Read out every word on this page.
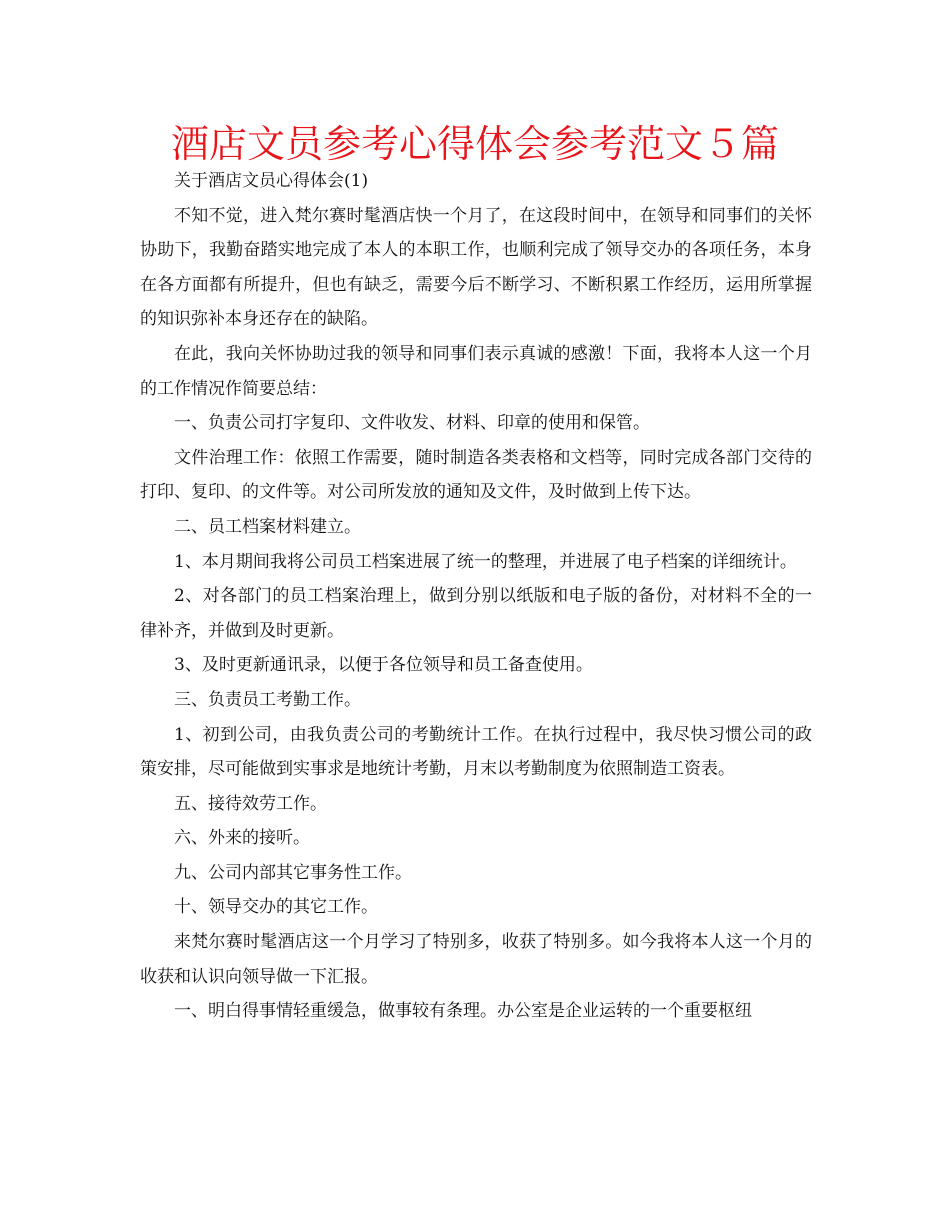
酒店文员参考心得体会参考范文５篇

关于酒店文员心得体会(1)

不知不觉，进入梵尔赛时髦酒店快一个月了，在这段时间中，在领导和同事们的关怀协助下，我勤奋踏实地完成了本人的本职工作，也顺利完成了领导交办的各项任务，本身在各方面都有所提升，但也有缺乏，需要今后不断学习、不断积累工作经历，运用所掌握的知识弥补本身还存在的缺陷。

在此，我向关怀协助过我的领导和同事们表示真诚的感激！下面，我将本人这一个月的工作情况作简要总结：

一、负责公司打字复印、文件收发、材料、印章的使用和保管。

文件治理工作：依照工作需要，随时制造各类表格和文档等，同时完成各部门交待的打印、复印、的文件等。对公司所发放的通知及文件，及时做到上传下达。

二、员工档案材料建立。

1、本月期间我将公司员工档案进展了统一的整理，并进展了电子档案的详细统计。

2、对各部门的员工档案治理上，做到分别以纸版和电子版的备份，对材料不全的一律补齐，并做到及时更新。

3、及时更新通讯录，以便于各位领导和员工备查使用。

三、负责员工考勤工作。

1、初到公司，由我负责公司的考勤统计工作。在执行过程中，我尽快习惯公司的政策安排，尽可能做到实事求是地统计考勤，月末以考勤制度为依照制造工资表。

五、接待效劳工作。

六、外来的接听。

九、公司内部其它事务性工作。

十、领导交办的其它工作。

来梵尔赛时髦酒店这一个月学习了特别多，收获了特别多。如今我将本人这一个月的收获和认识向领导做一下汇报。

一、明白得事情轻重缓急，做事较有条理。办公室是企业运转的一个重要枢纽
